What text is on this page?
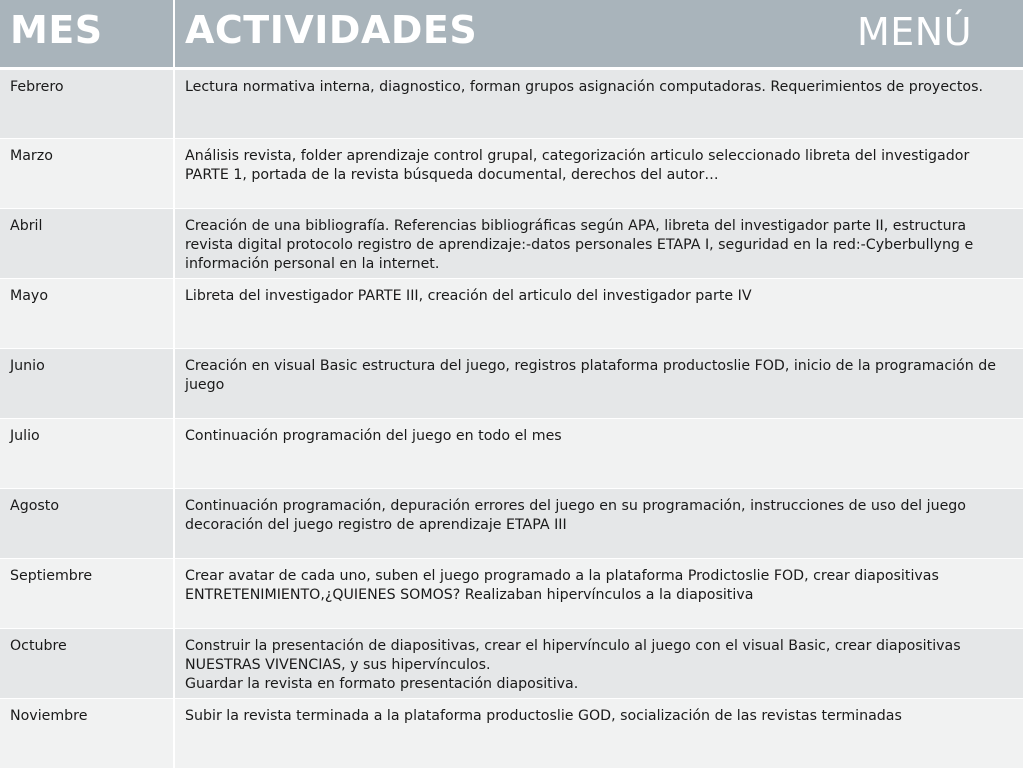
MES	ACTIVIDADES
Febrero	Lectura normativa interna, diagnostico, forman grupos asignación computadoras. Requerimientos de proyectos.

Marzo	Análisis revista, folder aprendizaje control grupal, categorización articulo seleccionado libreta del investigador PARTE 1, portada de la revista búsqueda documental, derechos del autor…

Abril	Creación de una bibliografía. Referencias bibliográficas según APA, libreta del investigador parte II, estructura revista digital protocolo registro de aprendizaje:-datos personales ETAPA I, seguridad en la red:-Cyberbullyng e información personal en la internet.

Mayo	Libreta del investigador PARTE III, creación del articulo del investigador parte IV

Junio	Creación en visual Basic estructura del juego, registros plataforma productoslie FOD, inicio de la programación de juego

Julio	Continuación programación del juego en todo el mes

Agosto	Continuación programación, depuración errores del juego en su programación, instrucciones de uso del juego decoración del juego registro de aprendizaje ETAPA III

Septiembre	Crear avatar de cada uno, suben el juego programado a la plataforma Prodictoslie FOD, crear diapositivas ENTRETENIMIENTO,¿QUIENES SOMOS? Realizaban hipervínculos a la diapositiva

Octubre	Construir la presentación de diapositivas, crear el hipervínculo al juego con el visual Basic, crear diapositivas NUESTRAS VIVENCIAS, y sus hipervínculos.
Guardar la revista en formato presentación diapositiva.

Noviembre	Subir la revista terminada a la plataforma productoslie GOD, socialización de las revistas terminadas
MENÚ
